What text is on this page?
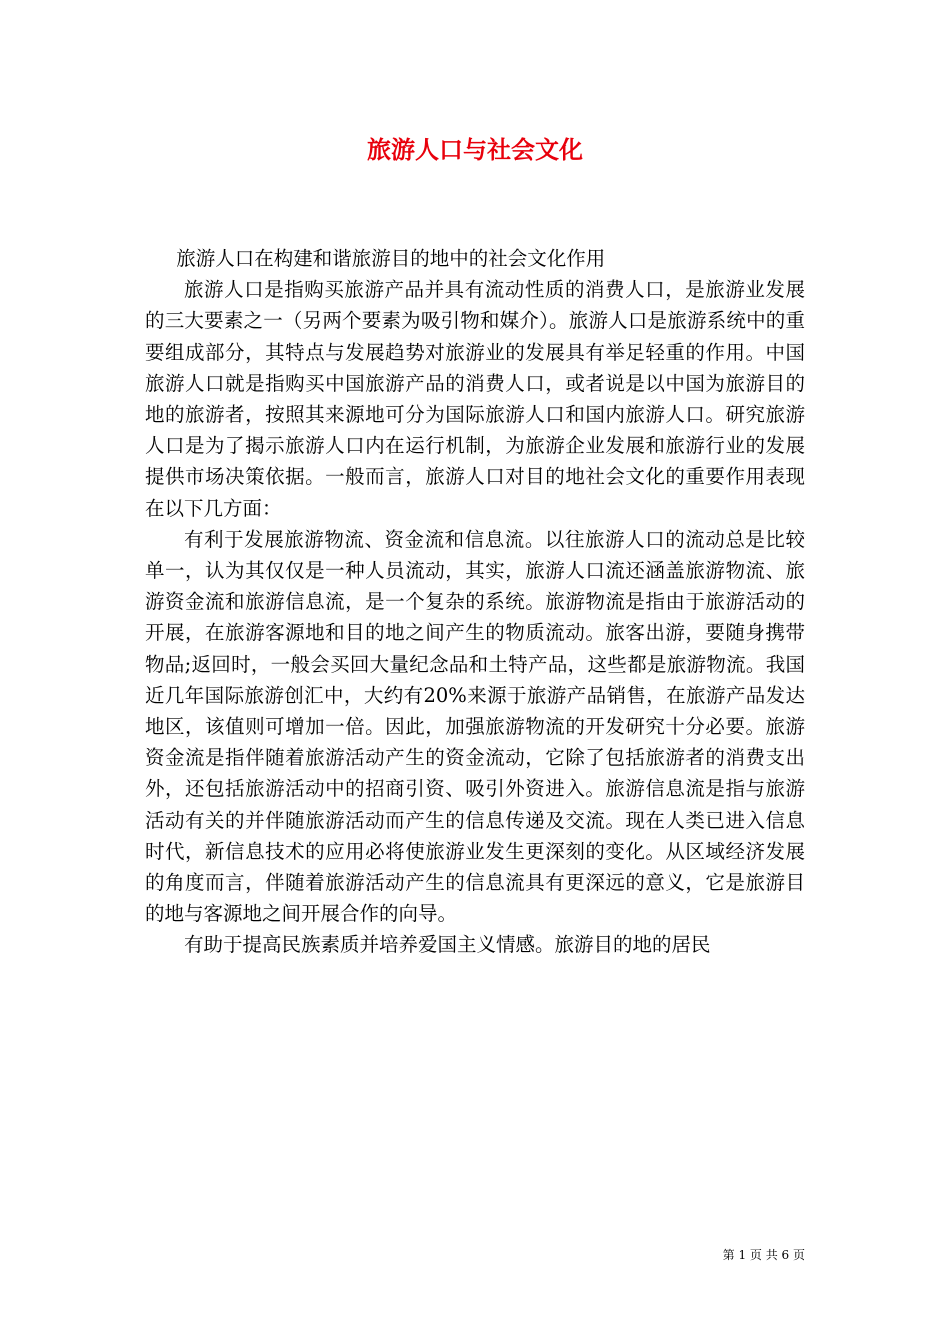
旅游人口与社会文化

旅游人口在构建和谐旅游目的地中的社会文化作用

旅游人口是指购买旅游产品并具有流动性质的消费人口，是旅游业发展的三大要素之一（另两个要素为吸引物和媒介）。旅游人口是旅游系统中的重要组成部分，其特点与发展趋势对旅游业的发展具有举足轻重的作用。中国旅游人口就是指购买中国旅游产品的消费人口，或者说是以中国为旅游目的地的旅游者，按照其来源地可分为国际旅游人口和国内旅游人口。研究旅游人口是为了揭示旅游人口内在运行机制，为旅游企业发展和旅游行业的发展提供市场决策依据。一般而言，旅游人口对目的地社会文化的重要作用表现在以下几方面：

有利于发展旅游物流、资金流和信息流。以往旅游人口的流动总是比较单一，认为其仅仅是一种人员流动，其实，旅游人口流还涵盖旅游物流、旅游资金流和旅游信息流，是一个复杂的系统。旅游物流是指由于旅游活动的开展，在旅游客源地和目的地之间产生的物质流动。旅客出游，要随身携带物品;返回时，一般会买回大量纪念品和土特产品，这些都是旅游物流。我国近几年国际旅游创汇中，大约有20%来源于旅游产品销售，在旅游产品发达地区，该值则可增加一倍。因此，加强旅游物流的开发研究十分必要。旅游资金流是指伴随着旅游活动产生的资金流动，它除了包括旅游者的消费支出外，还包括旅游活动中的招商引资、吸引外资进入。旅游信息流是指与旅游活动有关的并伴随旅游活动而产生的信息传递及交流。现在人类已进入信息时代，新信息技术的应用必将使旅游业发生更深刻的变化。从区域经济发展的角度而言，伴随着旅游活动产生的信息流具有更深远的意义，它是旅游目的地与客源地之间开展合作的向导。

有助于提高民族素质并培养爱国主义情感。旅游目的地的居民

第 1 页 共 6 页
